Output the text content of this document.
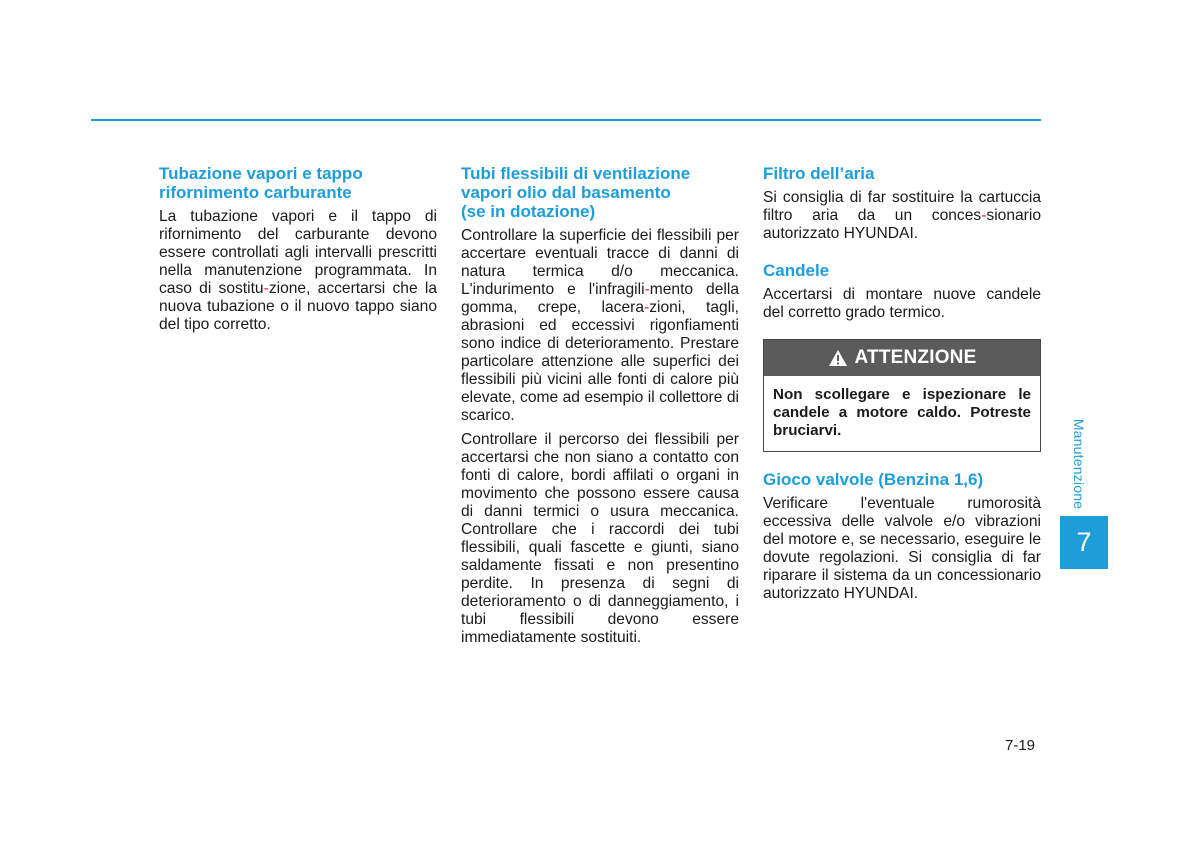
Tubazione vapori e tappo
rifornimento carburante

La tubazione vapori e il tappo di rifornimento del carburante devono essere controllati agli intervalli prescritti nella manutenzione programmata. In caso di sostitu-zione, accertarsi che la nuova tubazione o il nuovo tappo siano del tipo corretto.

Tubi flessibili di ventilazione
vapori olio dal basamento
(se in dotazione)

Controllare la superficie dei flessibili per accertare eventuali tracce di danni di natura termica d/o meccanica. L'indurimento e l'infragili-mento della gomma, crepe, lacera-zioni, tagli, abrasioni ed eccessivi rigonfiamenti sono indice di deterioramento. Prestare particolare attenzione alle superfici dei flessibili più vicini alle fonti di calore più elevate, come ad esempio il collettore di scarico.

Controllare il percorso dei flessibili per accertarsi che non siano a contatto con fonti di calore, bordi affilati o organi in movimento che possono essere causa di danni termici o usura meccanica. Controllare che i raccordi dei tubi flessibili, quali fascette e giunti, siano saldamente fissati e non presentino perdite. In presenza di segni di deterioramento o di danneggiamento, i tubi flessibili devono essere immediatamente sostituiti.

Filtro dell’aria

Si consiglia di far sostituire la cartuccia filtro aria da un conces-sionario autorizzato HYUNDAI.

Candele

Accertarsi di montare nuove candele del corretto grado termico.

ATTENZIONE
Non scollegare e ispezionare le candele a motore caldo. Potreste bruciarvi.
Gioco valvole (Benzina 1,6)

Verificare l'eventuale rumorosità eccessiva delle valvole e/o vibrazioni del motore e, se necessario, eseguire le dovute regolazioni. Si consiglia di far riparare il sistema da un concessionario autorizzato HYUNDAI.

Manutenzione
7
7-19
